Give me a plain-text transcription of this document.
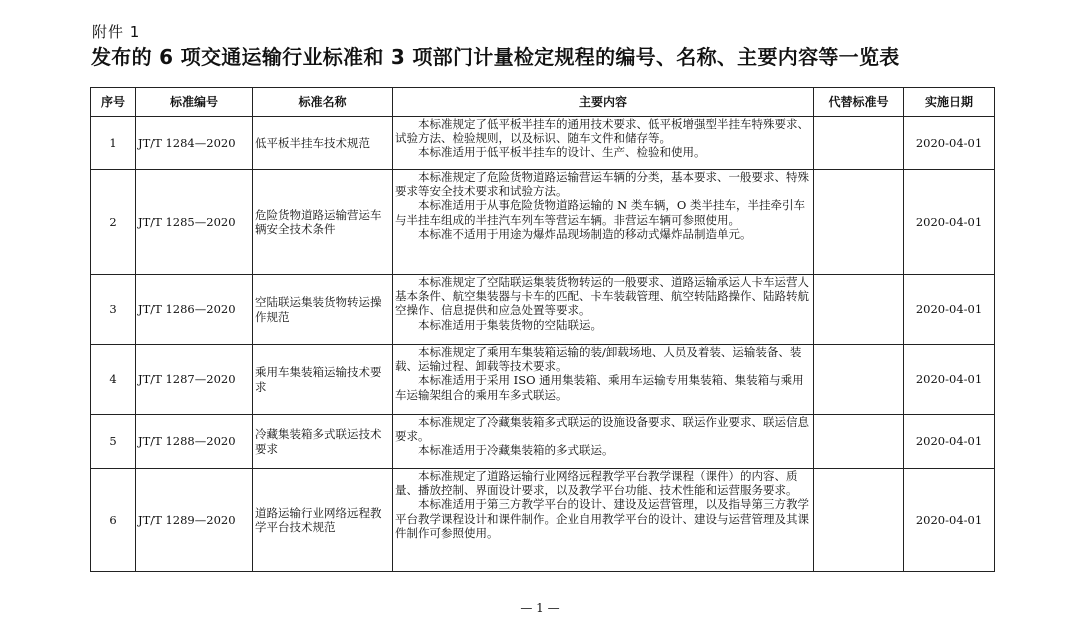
附件 1
发布的 6 项交通运输行业标准和 3 项部门计量检定规程的编号、名称、主要内容等一览表
序号	标准编号	标准名称	主要内容	代替标准号	实施日期
1	JT/T 1284—2020	低平板半挂车技术规范	本标准规定了低平板半挂车的通用技术要求、低平板增强型半挂车特殊要求、试验方法、检验规则，以及标识、随车文件和储存等。

本标准适用于低平板半挂车的设计、生产、检验和使用。		2020-04-01
2	JT/T 1285—2020	危险货物道路运输营运车辆安全技术条件	本标准规定了危险货物道路运输营运车辆的分类，基本要求、一般要求、特殊要求等安全技术要求和试验方法。

本标准适用于从事危险货物道路运输的 N 类车辆，O 类半挂车，半挂牵引车与半挂车组成的半挂汽车列车等营运车辆。非营运车辆可参照使用。

本标准不适用于用途为爆炸品现场制造的移动式爆炸品制造单元。		2020-04-01
3	JT/T 1286—2020	空陆联运集装货物转运操作规范	本标准规定了空陆联运集装货物转运的一般要求、道路运输承运人卡车运营人基本条件、航空集装器与卡车的匹配、卡车装载管理、航空转陆路操作、陆路转航空操作、信息提供和应急处置等要求。

本标准适用于集装货物的空陆联运。		2020-04-01
4	JT/T 1287—2020	乘用车集装箱运输技术要求	本标准规定了乘用车集装箱运输的装/卸载场地、人员及着装、运输装备、装载、运输过程、卸载等技术要求。

本标准适用于采用 ISO 通用集装箱、乘用车运输专用集装箱、集装箱与乘用车运输架组合的乘用车多式联运。		2020-04-01
5	JT/T 1288—2020	冷藏集装箱多式联运技术要求	本标准规定了冷藏集装箱多式联运的设施设备要求、联运作业要求、联运信息要求。

本标准适用于冷藏集装箱的多式联运。		2020-04-01
6	JT/T 1289—2020	道路运输行业网络远程教学平台技术规范	本标准规定了道路运输行业网络远程教学平台教学课程（课件）的内容、质量、播放控制、界面设计要求，以及教学平台功能、技术性能和运营服务要求。

本标准适用于第三方教学平台的设计、建设及运营管理，以及指导第三方教学平台教学课程设计和课件制作。企业自用教学平台的设计、建设与运营管理及其课件制作可参照使用。		2020-04-01
— 1 —
